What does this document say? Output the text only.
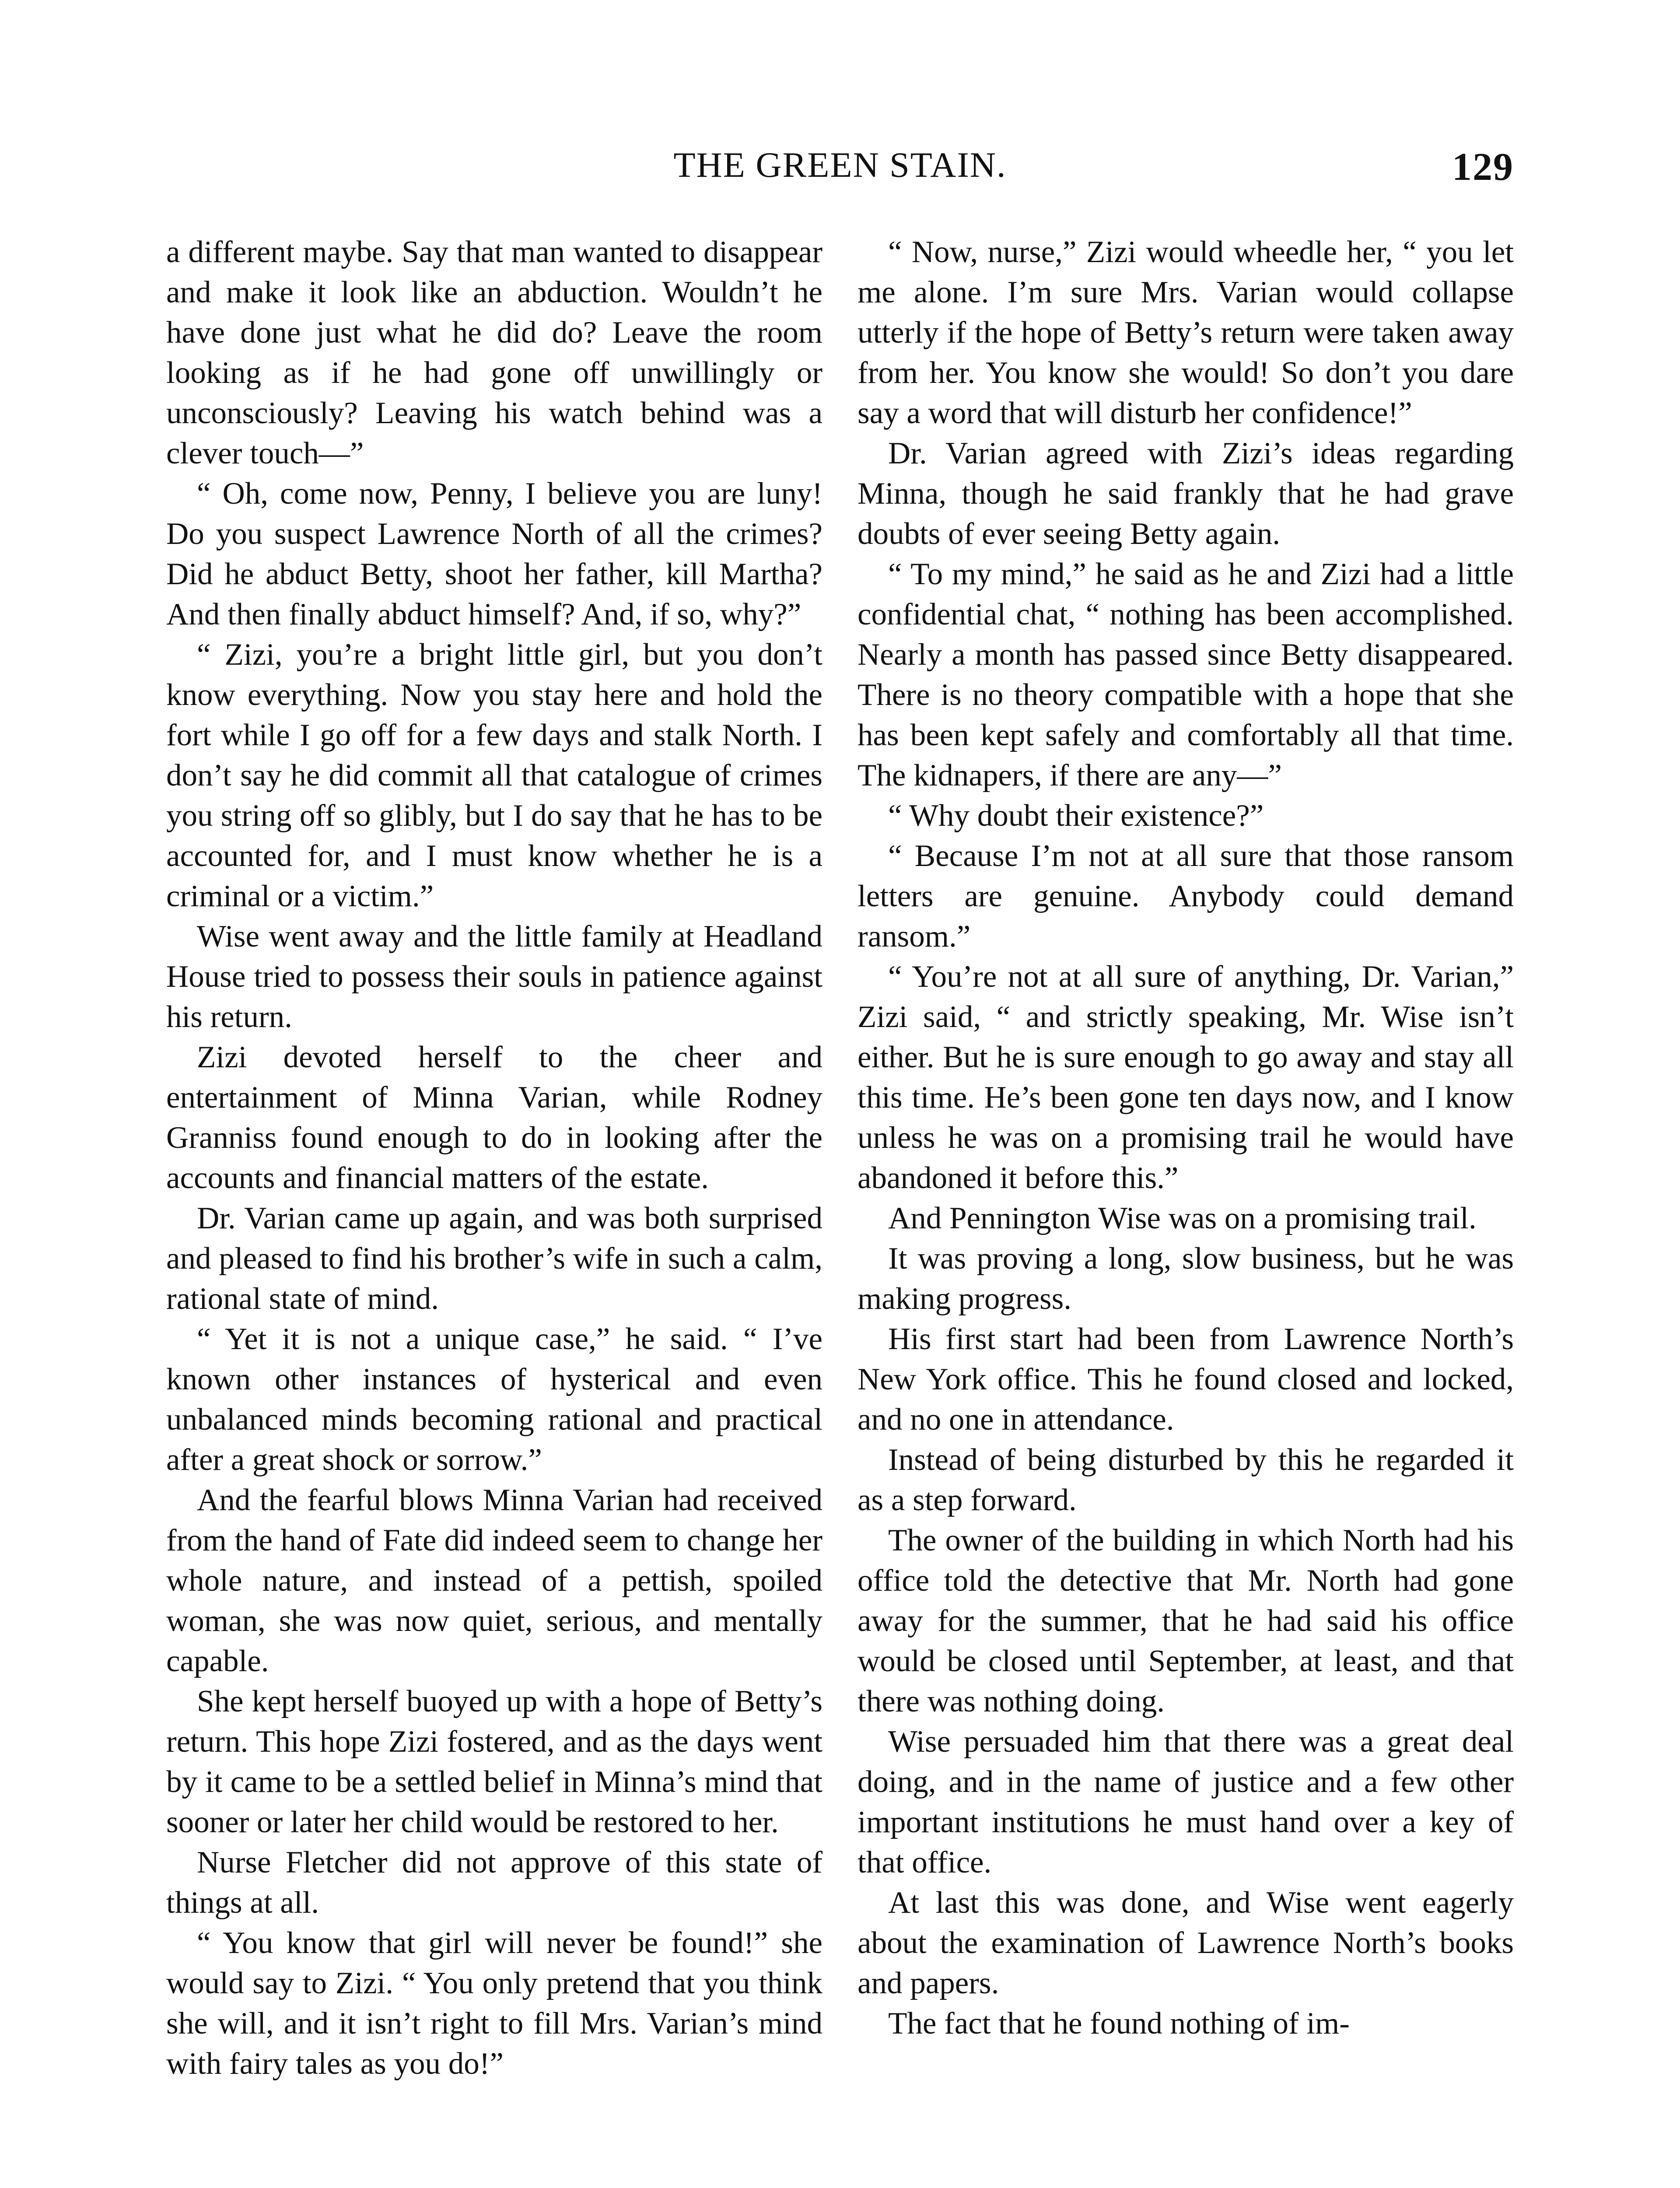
THE GREEN STAIN.	129

a different maybe. Say that man wanted to disappear and make it look like an abduction. Wouldn’t he have done just what he did do? Leave the room looking as if he had gone off unwillingly or unconsciously? Leaving his watch behind was a clever touch—”

“ Oh, come now, Penny, I believe you are luny! Do you suspect Lawrence North of all the crimes? Did he abduct Betty, shoot her father, kill Martha? And then finally abduct himself? And, if so, why?”

“ Zizi, you’re a bright little girl, but you don’t know everything. Now you stay here and hold the fort while I go off for a few days and stalk North. I don’t say he did commit all that catalogue of crimes you string off so glibly, but I do say that he has to be accounted for, and I must know whether he is a criminal or a victim.”

Wise went away and the little family at Headland House tried to possess their souls in patience against his return.

Zizi devoted herself to the cheer and entertainment of Minna Varian, while Rodney Granniss found enough to do in looking after the accounts and financial matters of the estate.

Dr. Varian came up again, and was both surprised and pleased to find his brother’s wife in such a calm, rational state of mind.

“ Yet it is not a unique case,” he said. “ I’ve known other instances of hysterical and even unbalanced minds becoming rational and practical after a great shock or sorrow.”

And the fearful blows Minna Varian had received from the hand of Fate did indeed seem to change her whole nature, and instead of a pettish, spoiled woman, she was now quiet, serious, and mentally capable.

She kept herself buoyed up with a hope of Betty’s return. This hope Zizi fostered, and as the days went by it came to be a settled belief in Minna’s mind that sooner or later her child would be restored to her.

Nurse Fletcher did not approve of this state of things at all.

“ You know that girl will never be found!” she would say to Zizi. “ You only pretend that you think she will, and it isn’t right to fill Mrs. Varian’s mind with fairy tales as you do!”

“ Now, nurse,” Zizi would wheedle her, “ you let me alone. I’m sure Mrs. Varian would collapse utterly if the hope of Betty’s return were taken away from her. You know she would! So don’t you dare say a word that will disturb her confidence!”

Dr. Varian agreed with Zizi’s ideas regarding Minna, though he said frankly that he had grave doubts of ever seeing Betty again.

“ To my mind,” he said as he and Zizi had a little confidential chat, “ nothing has been accomplished. Nearly a month has passed since Betty disappeared. There is no theory compatible with a hope that she has been kept safely and comfortably all that time. The kidnapers, if there are any—”

“ Why doubt their existence?”

“ Because I’m not at all sure that those ransom letters are genuine. Anybody could demand ransom.”

“ You’re not at all sure of anything, Dr. Varian,” Zizi said, “ and strictly speaking, Mr. Wise isn’t either. But he is sure enough to go away and stay all this time. He’s been gone ten days now, and I know unless he was on a promising trail he would have abandoned it before this.”

And Pennington Wise was on a promising trail.

It was proving a long, slow business, but he was making progress.

His first start had been from Lawrence North’s New York office. This he found closed and locked, and no one in attendance.

Instead of being disturbed by this he regarded it as a step forward.

The owner of the building in which North had his office told the detective that Mr. North had gone away for the summer, that he had said his office would be closed until September, at least, and that there was nothing doing.

Wise persuaded him that there was a great deal doing, and in the name of justice and a few other important institutions he must hand over a key of that office.

At last this was done, and Wise went eagerly about the examination of Lawrence North’s books and papers.

The fact that he found nothing of im-
